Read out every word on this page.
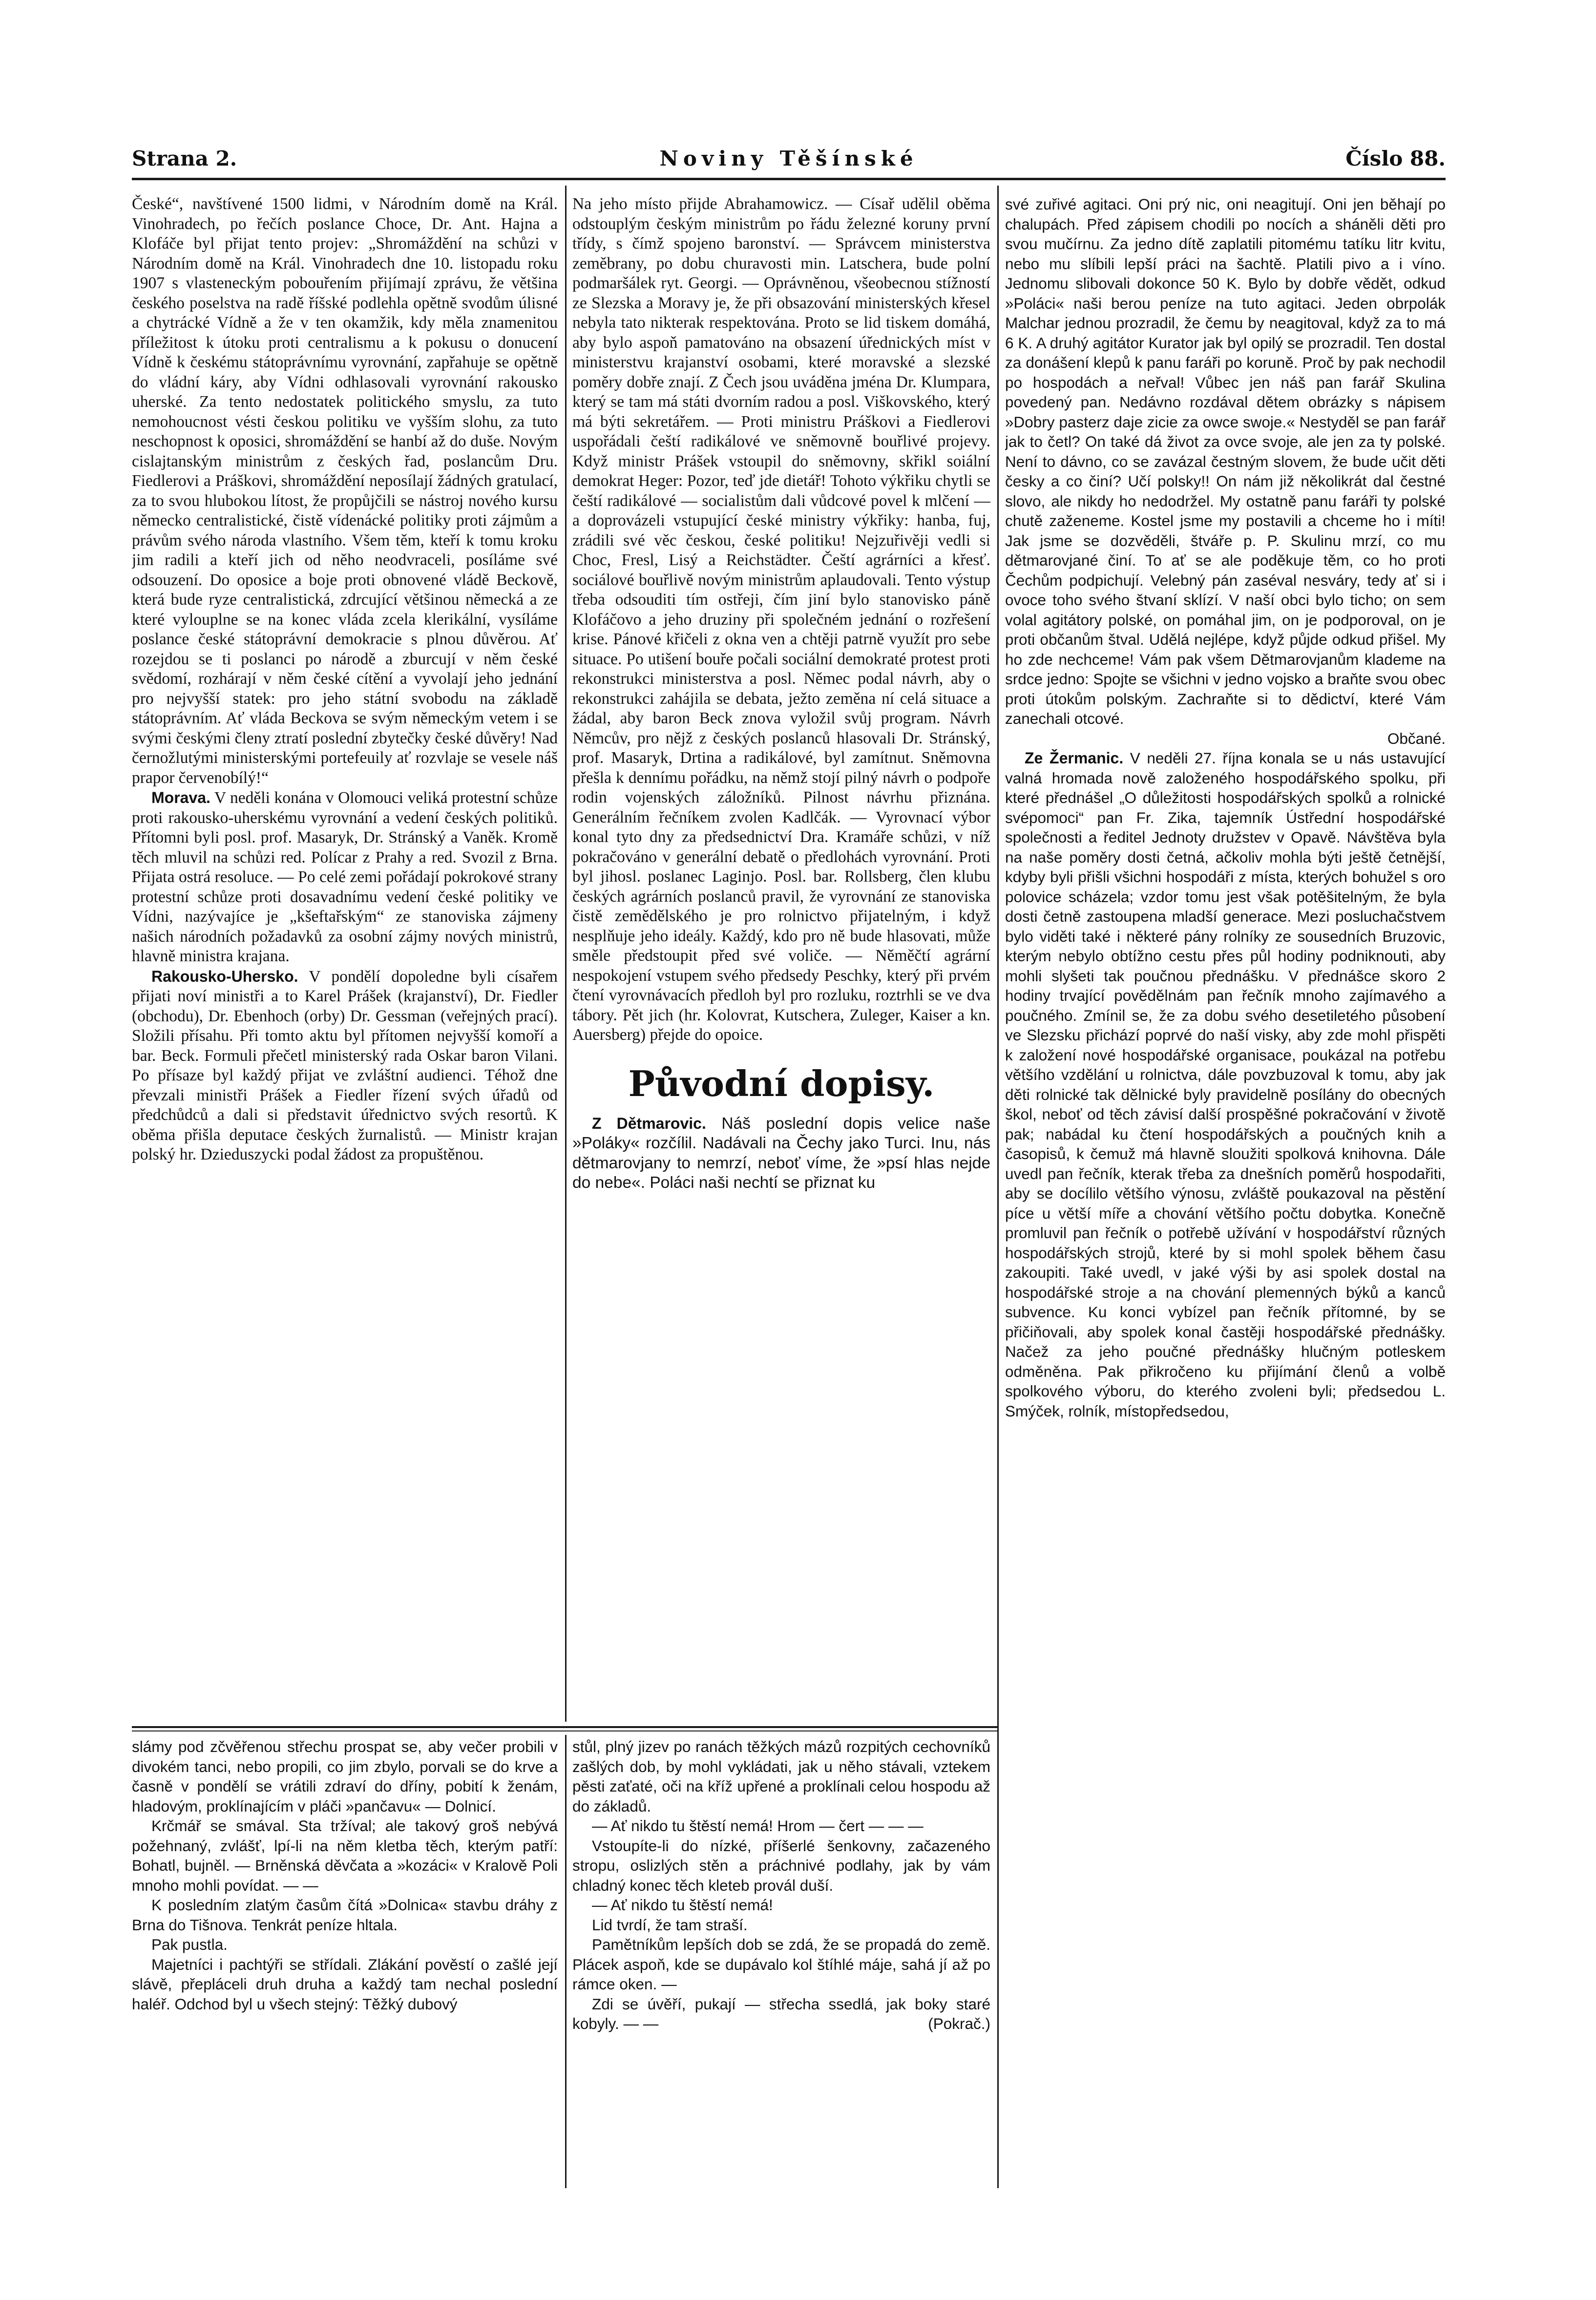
Noviny Těšínské
Strana 2.	Číslo 88.

České“, navštívené 1500 lidmi, v Národním domě na Král. Vinohradech, po řečích poslance Choce, Dr. Ant. Hajna a Klofáče byl přijat tento projev: „Shromáždění na schůzi v Národním domě na Král. Vinohradech dne 10. listopadu roku 1907 s vlasteneckým pobouřením přijímají zprávu, že většina českého poselstva na radě říšské podlehla opětně svodům úlisné a chytrácké Vídně a že v ten okamžik, kdy měla znamenitou příležitost k útoku proti centralismu a k pokusu o donucení Vídně k českému státoprávnímu vyrovnání, zapřahuje se opětně do vládní káry, aby Vídni odhlasovali vyrovnání rakousko uherské. Za tento nedostatek politického smyslu, za tuto nemohoucnost vésti českou politiku ve vyšším slohu, za tuto neschopnost k oposici, shromáždění se hanbí až do duše. Novým cislajtanským ministrům z českých řad, poslancům Dru. Fiedlerovi a Práškovi, shromáždění neposílají žádných gratulací, za to svou hlubokou lítost, že propůjčili se nástroj nového kursu německo centralistické, čistě vídenácké politiky proti zájmům a právům svého národa vlastního. Všem těm, kteří k tomu kroku jim radili a kteří jich od něho neodvraceli, posíláme své odsouzení. Do oposice a boje proti obnovené vládě Beckově, která bude ryze centralistická, zdrcující většinou německá a ze které vylouplne se na konec vláda zcela klerikální, vysíláme poslance české státoprávní demokracie s plnou důvěrou. Ať rozejdou se ti poslanci po národě a zburcují v něm české svědomí, rozhárají v něm české cítění a vyvolají jeho jednání pro nejvyšší statek: pro jeho státní svobodu na základě státoprávním. Ať vláda Beckova se svým německým vetem i se svými českými členy ztratí poslední zbytečky české důvěry! Nad černožlutými ministerskými portefeuily ať rozvlaje se vesele náš prapor červenobílý!“

Morava. V neděli konána v Olomouci veliká protestní schůze proti rakousko-uherskému vyrovnání a vedení českých politiků. Přítomni byli posl. prof. Masaryk, Dr. Stránský a Vaněk. Kromě těch mluvil na schůzi red. Polícar z Prahy a red. Svozil z Brna. Přijata ostrá resoluce. — Po celé zemi pořádají pokrokové strany protestní schůze proti dosavadnímu vedení české politiky ve Vídni, nazývajíce je „kšeftařským“ ze stanoviska zájmeny našich národních požadavků za osobní zájmy nových ministrů, hlavně ministra krajana.

Rakousko-Uhersko. V pondělí dopoledne byli císařem přijati noví ministři a to Karel Prášek (krajanství), Dr. Fiedler (obchodu), Dr. Ebenhoch (orby) Dr. Gessman (veřejných prací). Složili přísahu. Při tomto aktu byl přítomen nejvyšší komoří a bar. Beck. Formuli přečetl ministerský rada Oskar baron Vilani. Po přísaze byl každý přijat ve zvláštní audienci. Téhož dne převzali ministři Prášek a Fiedler řízení svých úřadů od předchůdců a dali si představit úřednictvo svých resortů. K oběma přišla deputace českých žurnalistů. — Ministr krajan polský hr. Dzieduszycki podal žádost za propuštěnou.

Na jeho místo přijde Abrahamowicz. — Císař udělil oběma odstouplým českým ministrům po řádu železné koruny první třídy, s čímž spojeno baronství. — Správcem ministerstva zeměbrany, po dobu churavosti min. Latschera, bude polní podmaršálek ryt. Georgi. — Oprávněnou, všeobecnou stížností ze Slezska a Moravy je, že při obsazování ministerských křesel nebyla tato nikterak respektována. Proto se lid tiskem domáhá, aby bylo aspoň pamatováno na obsazení úřednických míst v ministerstvu krajanství osobami, které moravské a slezské poměry dobře znají. Z Čech jsou uváděna jména Dr. Klumpara, který se tam má státi dvorním radou a posl. Viškovského, který má býti sekretářem. — Proti ministru Práškovi a Fiedlerovi uspořádali čeští radikálové ve sněmovně bouřlivé projevy. Když ministr Prášek vstoupil do sněmovny, skřikl soiální demokrat Heger: Pozor, teď jde dietář! Tohoto výkřiku chytli se čeští radikálové — socialistům dali vůdcové povel k mlčení — a doprovázeli vstupující české ministry výkřiky: hanba, fuj, zrádili své věc českou, české politiku! Nejzuřivěji vedli si Choc, Fresl, Lisý a Reichstädter. Čeští agrárníci a křesť. sociálové bouřlivě novým ministrům aplaudovali. Tento výstup třeba odsouditi tím ostřeji, čím jiní bylo stanovisko páně Klofáčovo a jeho druziny při společném jednání o rozřešení krise. Pánové křičeli z okna ven a chtěji patrně využít pro sebe situace. Po utišení bouře počali sociální demokraté protest proti rekonstrukci ministerstva a posl. Němec podal návrh, aby o rekonstrukci zahájila se debata, ježto zeměna ní celá situace a žádal, aby baron Beck znova vyložil svůj program. Návrh Němcův, pro nějž z českých poslanců hlasovali Dr. Stránský, prof. Masaryk, Drtina a radikálové, byl zamítnut. Sněmovna přešla k dennímu pořádku, na němž stojí pilný návrh o podpoře rodin vojenských záložníků. Pilnost návrhu přiznána. Generálním řečníkem zvolen Kadlčák. — Vyrovnací výbor konal tyto dny za předsednictví Dra. Kramáře schůzi, v níž pokračováno v generální debatě o předlohách vyrovnání. Proti byl jihosl. poslanec Laginjo. Posl. bar. Rollsberg, člen klubu českých agrárních poslanců pravil, že vyrovnání ze stanoviska čistě zemědělského je pro rolnictvo přijatelným, i když nesplňuje jeho ideály. Každý, kdo pro ně bude hlasovati, může směle předstoupit před své voliče. — Něměčtí agrární nespokojení vstupem svého předsedy Peschky, který při prvém čtení vyrovnávacích předloh byl pro rozluku, roztrhli se ve dva tábory. Pět jich (hr. Kolovrat, Kutschera, Zuleger, Kaiser a kn. Auersberg) přejde do opoice.

Původní dopisy.

Z Dětmarovic. Náš poslední dopis velice naše »Poláky« rozčílil. Nadávali na Čechy jako Turci. Inu, nás dětmarovjany to nemrzí, neboť víme, že »psí hlas nejde do nebe«. Poláci naši nechtí se přiznat ku

své zuřivé agitaci. Oni prý nic, oni neagitují. Oni jen běhají po chalupách. Před zápisem chodili po nocích a sháněli děti pro svou mučírnu. Za jedno dítě zaplatili pitomému tatíku litr kvitu, nebo mu slíbili lepší práci na šachtě. Platili pivo a i víno. Jednomu slibovali dokonce 50 K. Bylo by dobře vědět, odkud »Poláci« naši berou peníze na tuto agitaci. Jeden obrpolák Malchar jednou prozradil, že čemu by neagitoval, když za to má 6 K. A druhý agitátor Kurator jak byl opilý se prozradil. Ten dostal za donášení klepů k panu faráři po koruně. Proč by pak nechodil po hospodách a neřval! Vůbec jen náš pan farář Skulina povedený pan. Nedávno rozdával dětem obrázky s nápisem »Dobry pasterz daje zicie za owce swoje.« Nestyděl se pan farář jak to četl? On také dá život za ovce svoje, ale jen za ty polské. Není to dávno, co se zavázal čestným slovem, že bude učit děti česky a co činí? Učí polsky!! On nám již několikrát dal čestné slovo, ale nikdy ho nedodržel. My ostatně panu faráři ty polské chutě zaženeme. Kostel jsme my postavili a chceme ho i míti! Jak jsme se dozvěděli, štváře p. P. Skulinu mrzí, co mu dětmarovjané činí. To ať se ale poděkuje těm, co ho proti Čechům podpichují. Velebný pán zaséval nesváry, tedy ať si i ovoce toho svého štvaní sklízí. V naší obci bylo ticho; on sem volal agitátory polské, on pomáhal jim, on je podporoval, on je proti občanům štval. Udělá nejlépe, když půjde odkud přišel. My ho zde nechceme! Vám pak všem Dětmarovjanům klademe na srdce jedno: Spojte se všichni v jedno vojsko a braňte svou obec proti útokům polským. Zachraňte si to dědictví, které Vám zanechali otcové.

Občané.

Ze Žermanic. V neděli 27. října konala se u nás ustavující valná hromada nově založeného hospodářského spolku, při které přednášel „O důležitosti hospodářských spolků a rolnické svépomoci“ pan Fr. Zika, tajemník Ústřední hospodářské společnosti a ředitel Jednoty družstev v Opavě. Návštěva byla na naše poměry dosti četná, ačkoliv mohla býti ještě četnější, kdyby byli přišli všichni hospodáři z místa, kterých bohužel s oro polovice scházela; vzdor tomu jest však potěšitelným, že byla dosti četně zastoupena mladší generace. Mezi posluchačstvem bylo viděti také i některé pány rolníky ze sousedních Bruzovic, kterým nebylo obtížno cestu přes půl hodiny podniknouti, aby mohli slyšeti tak poučnou přednášku. V přednášce skoro 2 hodiny trvající povědělnám pan řečník mnoho zajímavého a poučného. Zmínil se, že za dobu svého desetiletého působení ve Slezsku přichází poprvé do naší visky, aby zde mohl přispěti k založení nové hospodářské organisace, poukázal na potřebu většího vzdělání u rolnictva, dále povzbuzoval k tomu, aby jak děti rolnické tak dělnické byly pravidelně posílány do obecných škol, neboť od těch závisí další prospěšné pokračování v životě pak; nabádal ku čtení hospodářských a poučných knih a časopisů, k čemuž má hlavně sloužiti spolková knihovna. Dále uvedl pan řečník, kterak třeba za dnešních poměrů hospodařiti, aby se docílilo většího výnosu, zvláště poukazoval na pěstění píce u větší míře a chování většího počtu dobytka. Konečně promluvil pan řečník o potřebě užívání v hospodářství různých hospodářských strojů, které by si mohl spolek během času zakoupiti. Také uvedl, v jaké výši by asi spolek dostal na hospodářské stroje a na chování plemenných býků a kanců subvence. Ku konci vybízel pan řečník přítomné, by se přičiňovali, aby spolek konal častěji hospodářské přednášky. Načež za jeho poučné přednášky hlučným potleskem odměněna. Pak přikročeno ku přijímání členů a volbě spolkového výboru, do kterého zvoleni byli; předsedou L. Smýček, rolník, místopředsedou,

slámy pod zčvěřenou střechu prospat se, aby večer probili v divokém tanci, nebo propili, co jim zbylo, porvali se do krve a časně v pondělí se vrátili zdraví do dříny, pobití k ženám, hladovým, proklínajícím v pláči »pančavu« — Dolnicí.

Krčmář se smával. Sta tržíval; ale takový groš nebývá požehnaný, zvlášť, lpí-li na něm kletba těch, kterým patří: Bohatl, bujněl. — Brněnská děvčata a »kozáci« v Kralově Poli mnoho mohli povídat. — —

K posledním zlatým časům čítá »Dolnica« stavbu dráhy z Brna do Tišnova. Tenkrát peníze hltala.

Pak pustla.

Majetníci i pachtýři se střídali. Zlákání pověstí o zašlé její slávě, přepláceli druh druha a každý tam nechal poslední haléř. Odchod byl u všech stejný: Těžký dubový

stůl, plný jizev po ranách těžkých mázů rozpitých cechovníků zašlých dob, by mohl vykládati, jak u něho stávali, vztekem pěsti zaťaté, oči na kříž upřené a proklínali celou hospodu až do základů.

— Ať nikdo tu štěstí nemá! Hrom — čert — — —

Vstoupíte-li do nízké, příšerlé šenkovny, začazeného stropu, oslizlých stěn a práchnivé podlahy, jak by vám chladný konec těch kleteb provál duší.

— Ať nikdo tu štěstí nemá!

Lid tvrdí, že tam straší.

Pamětníkům lepších dob se zdá, že se propadá do země. Plácek aspoň, kde se dupávalo kol štíhlé máje, sahá jí až po rámce oken. —

Zdi se úvěří, pukají — střecha ssedlá, jak boky staré kobyly. — —	(Pokrač.)
